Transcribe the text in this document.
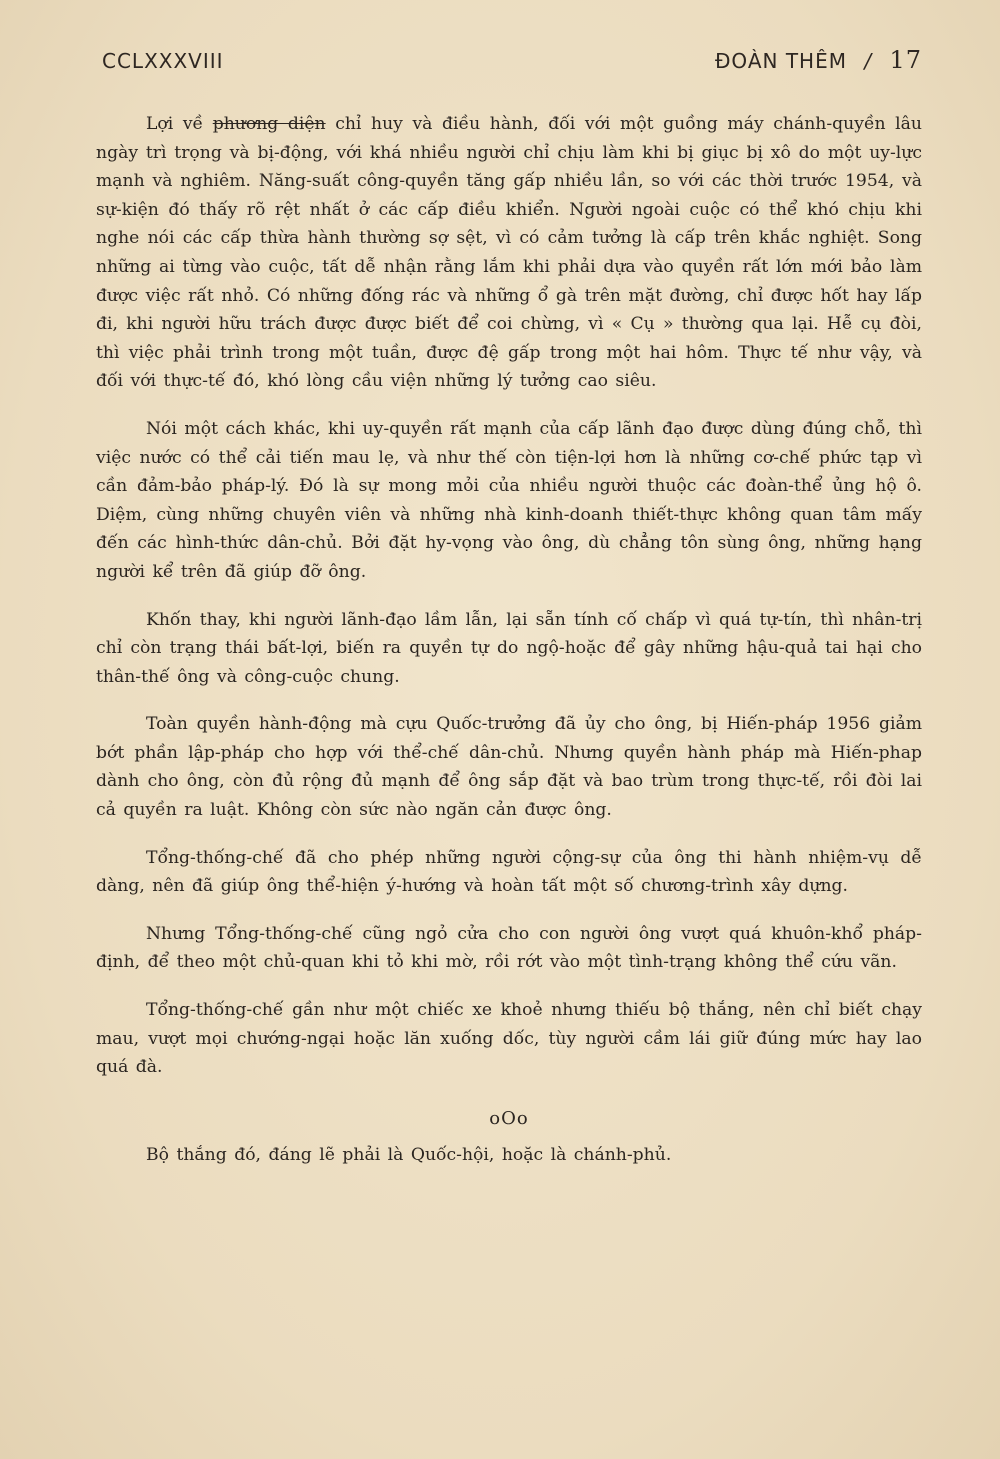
CCLXXXVIII	ĐOÀN THÊM / 17

Lợi về phương diện chỉ huy và điều hành, đối với một guồng máy chánh-quyền lâu ngày trì trọng và bị-động, với khá nhiều người chỉ chịu làm khi bị giục bị xô do một uy-lực mạnh và nghiêm. Năng-suất công-quyền tăng gấp nhiều lần, so với các thời trước 1954, và sự-kiện đó thấy rõ rệt nhất ở các cấp điều khiển. Người ngoài cuộc có thể khó chịu khi nghe nói các cấp thừa hành thường sợ sệt, vì có cảm tưởng là cấp trên khắc nghiệt. Song những ai từng vào cuộc, tất dễ nhận rằng lắm khi phải dựa vào quyền rất lớn mới bảo làm được việc rất nhỏ. Có những đống rác và những ổ gà trên mặt đường, chỉ được hốt hay lấp đi, khi người hữu trách được được biết để coi chừng, vì « Cụ » thường qua lại. Hễ cụ đòi, thì việc phải trình trong một tuần, được đệ gấp trong một hai hôm. Thực tế như vậy, và đối với thực-tế đó, khó lòng cầu viện những lý tưởng cao siêu.

Nói một cách khác, khi uy-quyền rất mạnh của cấp lãnh đạo được dùng đúng chỗ, thì việc nước có thể cải tiến mau lẹ, và như thế còn tiện-lợi hơn là những cơ-chế phức tạp vì cần đảm-bảo pháp-lý. Đó là sự mong mỏi của nhiều người thuộc các đoàn-thể ủng hộ ô. Diệm, cùng những chuyên viên và những nhà kinh-doanh thiết-thực không quan tâm mấy đến các hình-thức dân-chủ. Bởi đặt hy-vọng vào ông, dù chẳng tôn sùng ông, những hạng người kể trên đã giúp đỡ ông.

Khốn thay, khi người lãnh-đạo lầm lẫn, lại sẵn tính cố chấp vì quá tự-tín, thì nhân-trị chỉ còn trạng thái bất-lợi, biến ra quyền tự do ngộ-hoặc để gây những hậu-quả tai hại cho thân-thế ông và công-cuộc chung.

Toàn quyền hành-động mà cựu Quốc-trưởng đã ủy cho ông, bị Hiến-pháp 1956 giảm bớt phần lập-pháp cho hợp với thể-chế dân-chủ. Nhưng quyền hành pháp mà Hiến-phap dành cho ông, còn đủ rộng đủ mạnh để ông sắp đặt và bao trùm trong thực-tế, rồi đòi lai cả quyền ra luật. Không còn sức nào ngăn cản được ông.

Tổng-thống-chế đã cho phép những người cộng-sự của ông thi hành nhiệm-vụ dễ dàng, nên đã giúp ông thể-hiện ý-hướng và hoàn tất một số chương-trình xây dựng.

Nhưng Tổng-thống-chế cũng ngỏ cửa cho con người ông vượt quá khuôn-khổ pháp-định, để theo một chủ-quan khi tỏ khi mờ, rồi rớt vào một tình-trạng không thể cứu vãn.

Tổng-thống-chế gần như một chiếc xe khoẻ nhưng thiếu bộ thắng, nên chỉ biết chạy mau, vượt mọi chướng-ngại hoặc lăn xuống dốc, tùy người cầm lái giữ đúng mức hay lao quá đà.

oOo

Bộ thắng đó, đáng lẽ phải là Quốc-hội, hoặc là chánh-phủ.
